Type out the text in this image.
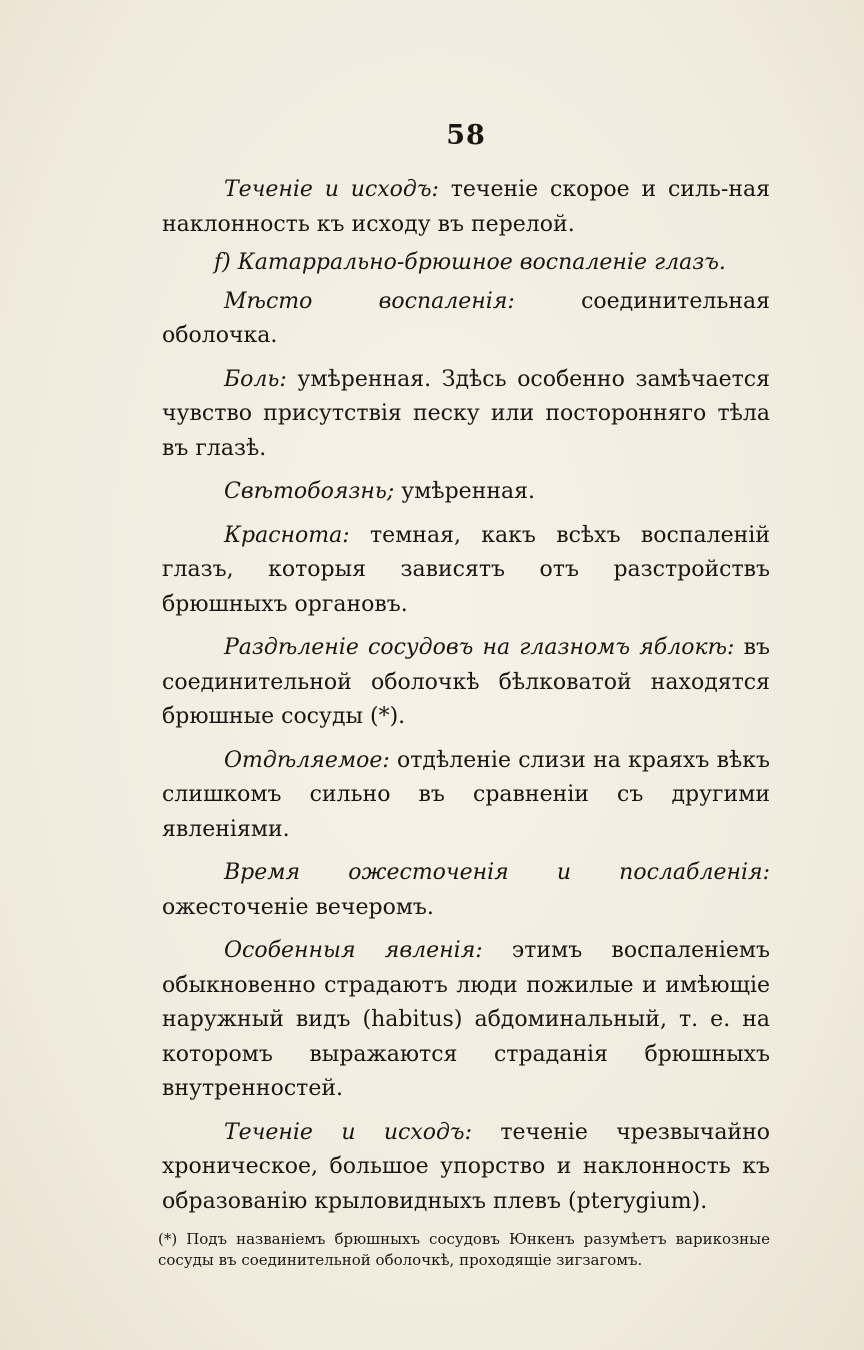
58

Теченіе и исходъ: теченіе скорое и силь-ная наклонность къ исходу въ перелой.

f) Катаррально-брюшное воспаленіе глазъ.

Мѣсто воспаленія: соединительная оболочка.

Боль: умѣренная. Здѣсь особенно замѣчается чувство присутствія песку или посторонняго тѣла въ глазѣ.

Свѣтобоязнь; умѣренная.

Краснота: темная, какъ всѣхъ воспаленій глазъ, которыя зависятъ отъ разстройствъ брюшныхъ органовъ.

Раздѣленіе сосудовъ на глазномъ яблокѣ: въ соединительной оболочкѣ бѣлковатой находятся брюшные сосуды (*).

Отдѣляемое: отдѣленіе слизи на краяхъ вѣкъ слишкомъ сильно въ сравненіи съ другими явленіями.

Время ожесточенія и послабленія: ожесточеніе вечеромъ.

Особенныя явленія: этимъ воспаленіемъ обыкновенно страдаютъ люди пожилые и имѣющіе наружный видъ (habitus) абдоминальный, т. е. на которомъ выражаются страданія брюшныхъ внутренностей.

Теченіе и исходъ: теченіе чрезвычайно хроническое, большое упорство и наклонность къ образованію крыловидныхъ плевъ (pterygium).

(*) Подъ названіемъ брюшныхъ сосудовъ Юнкенъ разумѣетъ варикозные сосуды въ соединительной оболочкѣ, проходящіе зигзагомъ.
